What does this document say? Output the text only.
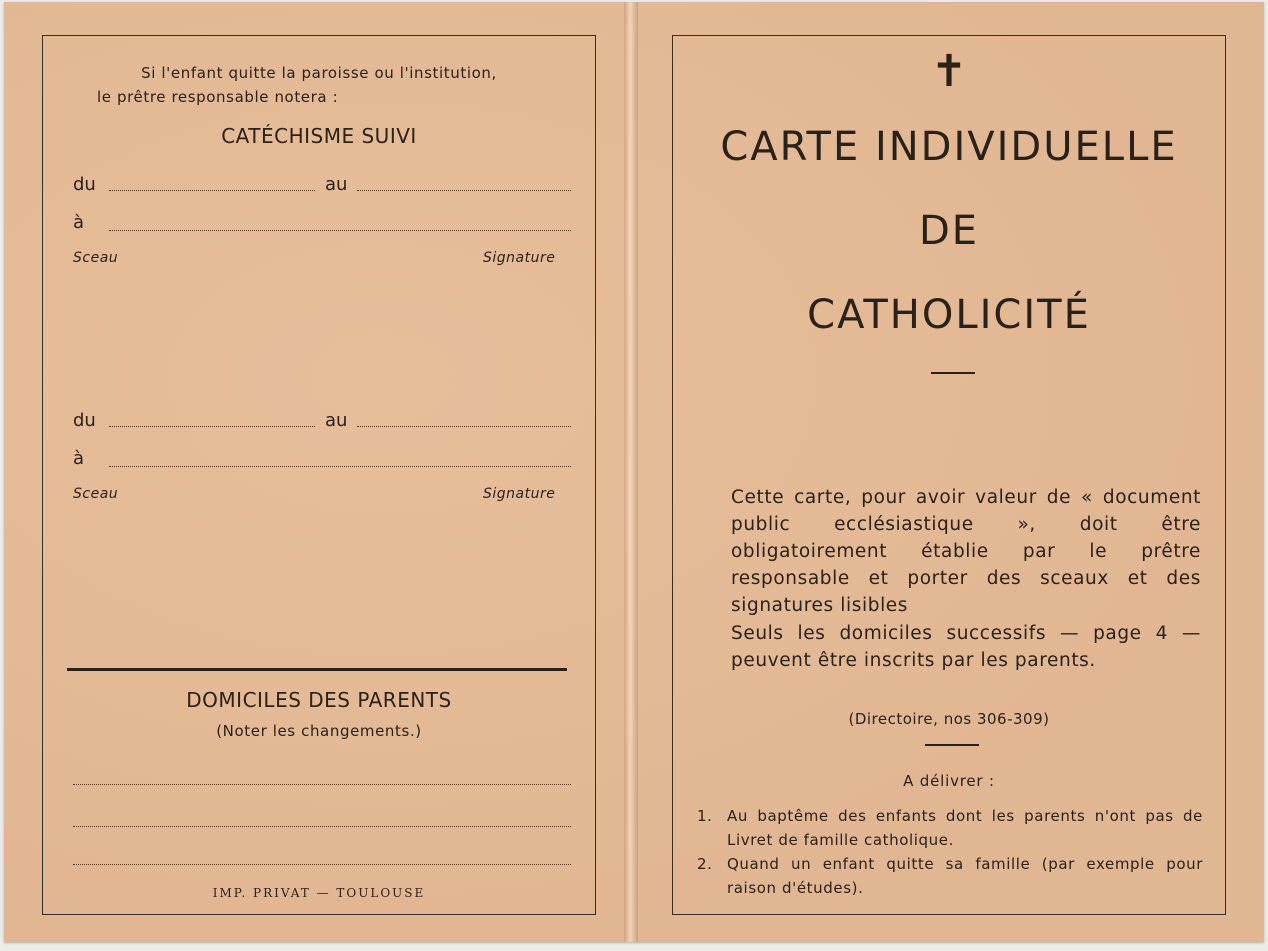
Si l'enfant quitte la paroisse ou l'institution,
le prêtre responsable notera :
CATÉCHISME SUIVI
du	au
à
Sceau	Signature
du	au
à
Sceau	Signature
DOMICILES DES PARENTS
(Noter les changements.)
IMP. PRIVAT — TOULOUSE
✝
CARTE INDIVIDUELLE
DE
CATHOLICITÉ
Cette carte, pour avoir valeur de « document public ecclésiastique », doit être obligatoirement établie par le prêtre responsable et porter des sceaux et des signatures lisibles
Seuls les domiciles successifs — page 4 — peuvent être inscrits par les parents.
(Directoire, nos 306-309)
A délivrer :
1. Au baptême des enfants dont les parents n'ont pas de Livret de famille catholique.
2. Quand un enfant quitte sa famille (par exemple pour raison d'études).
